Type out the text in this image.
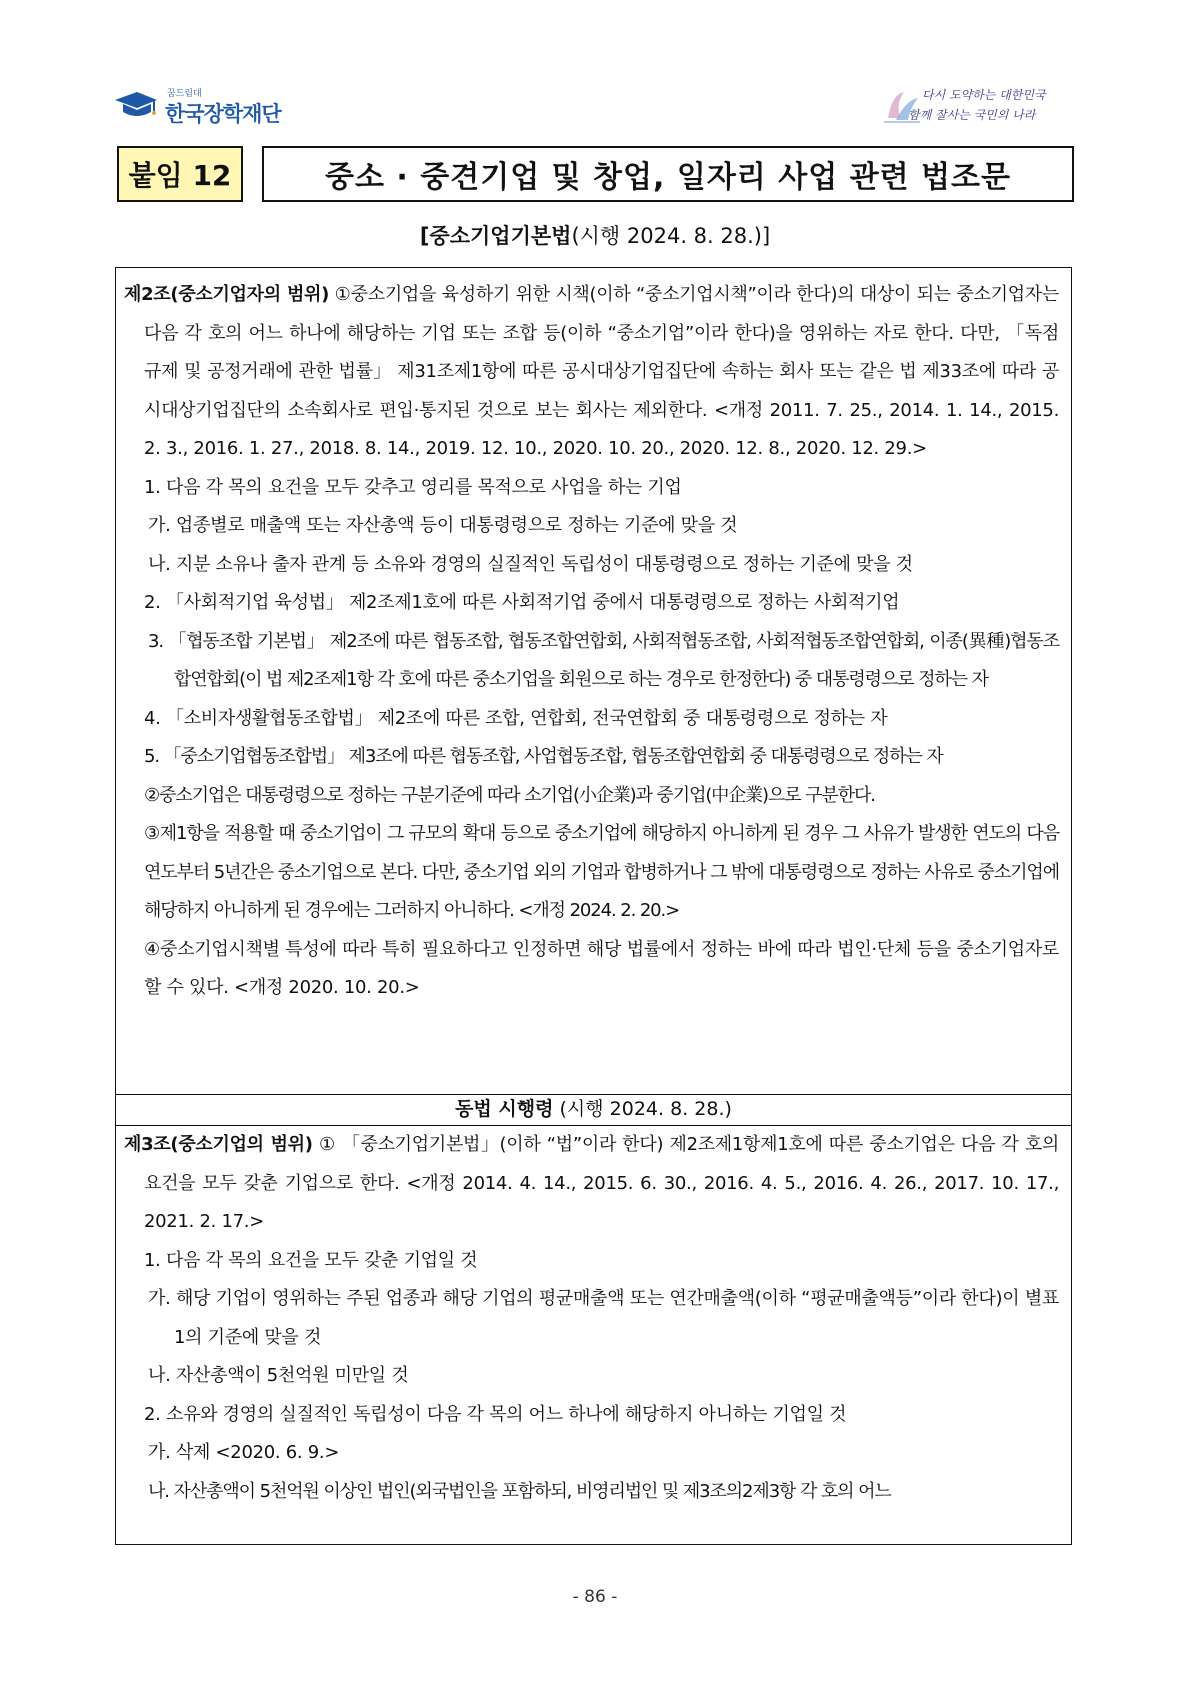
꿈드림대
한국장학재단
다시 도약하는 대한민국
함께 잘사는 국민의 나라
붙임 12	중소 · 중견기업 및 창업, 일자리 사업 관련 법조문
[중소기업기본법(시행 2024. 8. 28.)]
제2조(중소기업자의 범위) ①중소기업을 육성하기 위한 시책(이하 “중소기업시책”이라 한다)의 대상이 되는 중소기업자는 다음 각 호의 어느 하나에 해당하는 기업 또는 조합 등(이하 “중소기업”이라 한다)을 영위하는 자로 한다. 다만, 「독점규제 및 공정거래에 관한 법률」 제31조제1항에 따른 공시대상기업집단에 속하는 회사 또는 같은 법 제33조에 따라 공시대상기업집단의 소속회사로 편입·통지된 것으로 보는 회사는 제외한다. <개정 2011. 7. 25., 2014. 1. 14., 2015. 2. 3., 2016. 1. 27., 2018. 8. 14., 2019. 12. 10., 2020. 10. 20., 2020. 12. 8., 2020. 12. 29.>
1. 다음 각 목의 요건을 모두 갖추고 영리를 목적으로 사업을 하는 기업
가. 업종별로 매출액 또는 자산총액 등이 대통령령으로 정하는 기준에 맞을 것
나. 지분 소유나 출자 관계 등 소유와 경영의 실질적인 독립성이 대통령령으로 정하는 기준에 맞을 것
2. 「사회적기업 육성법」 제2조제1호에 따른 사회적기업 중에서 대통령령으로 정하는 사회적기업
3. 「협동조합 기본법」 제2조에 따른 협동조합, 협동조합연합회, 사회적협동조합, 사회적협동조합연합회, 이종(異種)협동조합연합회(이 법 제2조제1항 각 호에 따른 중소기업을 회원으로 하는 경우로 한정한다) 중 대통령령으로 정하는 자
4. 「소비자생활협동조합법」 제2조에 따른 조합, 연합회, 전국연합회 중 대통령령으로 정하는 자
5. 「중소기업협동조합법」 제3조에 따른 협동조합, 사업협동조합, 협동조합연합회 중 대통령령으로 정하는 자
②중소기업은 대통령령으로 정하는 구분기준에 따라 소기업(小企業)과 중기업(中企業)으로 구분한다.
③제1항을 적용할 때 중소기업이 그 규모의 확대 등으로 중소기업에 해당하지 아니하게 된 경우 그 사유가 발생한 연도의 다음 연도부터 5년간은 중소기업으로 본다. 다만, 중소기업 외의 기업과 합병하거나 그 밖에 대통령령으로 정하는 사유로 중소기업에 해당하지 아니하게 된 경우에는 그러하지 아니하다. <개정 2024. 2. 20.>
④중소기업시책별 특성에 따라 특히 필요하다고 인정하면 해당 법률에서 정하는 바에 따라 법인·단체 등을 중소기업자로 할 수 있다. <개정 2020. 10. 20.>
동법 시행령 (시행 2024. 8. 28.)
제3조(중소기업의 범위) ① 「중소기업기본법」(이하 “법”이라 한다) 제2조제1항제1호에 따른 중소기업은 다음 각 호의 요건을 모두 갖춘 기업으로 한다. <개정 2014. 4. 14., 2015. 6. 30., 2016. 4. 5., 2016. 4. 26., 2017. 10. 17., 2021. 2. 17.>
1. 다음 각 목의 요건을 모두 갖춘 기업일 것
가. 해당 기업이 영위하는 주된 업종과 해당 기업의 평균매출액 또는 연간매출액(이하 “평균매출액등”이라 한다)이 별표 1의 기준에 맞을 것
나. 자산총액이 5천억원 미만일 것
2. 소유와 경영의 실질적인 독립성이 다음 각 목의 어느 하나에 해당하지 아니하는 기업일 것
가. 삭제 <2020. 6. 9.>
나. 자산총액이 5천억원 이상인 법인(외국법인을 포함하되, 비영리법인 및 제3조의2제3항 각 호의 어느
- 86 -
